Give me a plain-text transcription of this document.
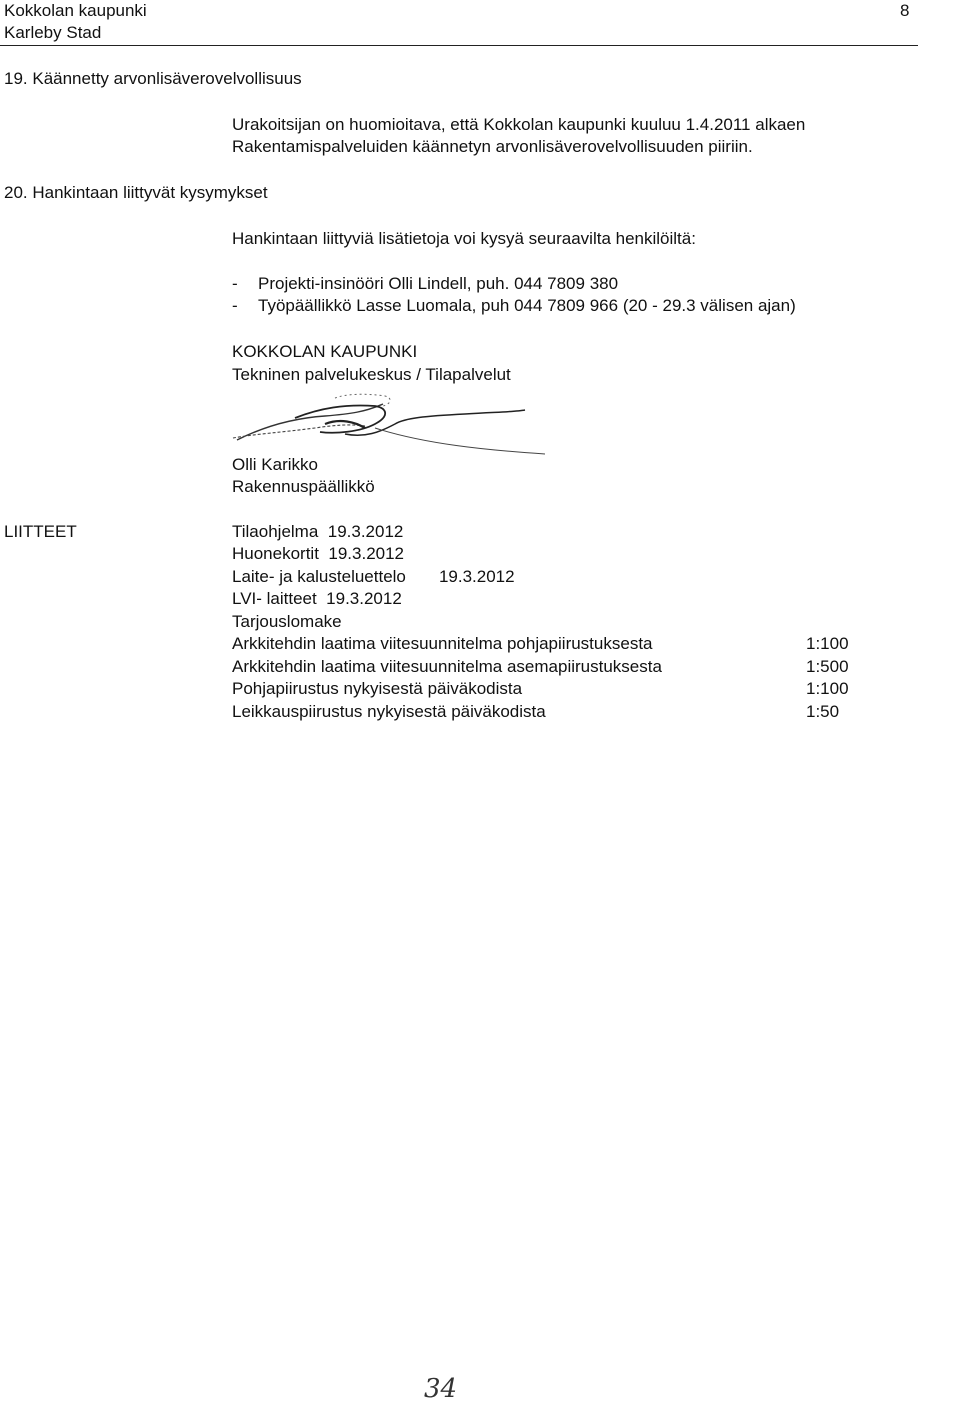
Kokkolan kaupunki
Karleby Stad
8
19. Käännetty arvonlisäverovelvollisuus
Urakoitsijan on huomioitava, että Kokkolan kaupunki kuuluu 1.4.2011 alkaen
Rakentamispalveluiden käännetyn arvonlisäverovelvollisuuden piiriin.
20. Hankintaan liittyvät kysymykset
Hankintaan liittyviä lisätietoja voi kysyä seuraavilta henkilöiltä:
- Projekti-insinööri Olli Lindell, puh. 044 7809 380
- Työpäällikkö Lasse Luomala, puh 044 7809 966 (20 - 29.3 välisen ajan)
KOKKOLAN KAUPUNKI
Tekninen palvelukeskus / Tilapalvelut
Olli Karikko
Rakennuspäällikkö
LIITTEET	Tilaohjelma  19.3.2012
Huonekortit  19.3.2012
Laite- ja kalusteluettelo       19.3.2012
LVI- laitteet  19.3.2012
Tarjouslomake
Arkkitehdin laatima viitesuunnitelma pohjapiirustuksesta	1:100
Arkkitehdin laatima viitesuunnitelma asemapiirustuksesta	1:500
Pohjapiirustus nykyisestä päiväkodista	1:100
Leikkauspiirustus nykyisestä päiväkodista	1:50
34
